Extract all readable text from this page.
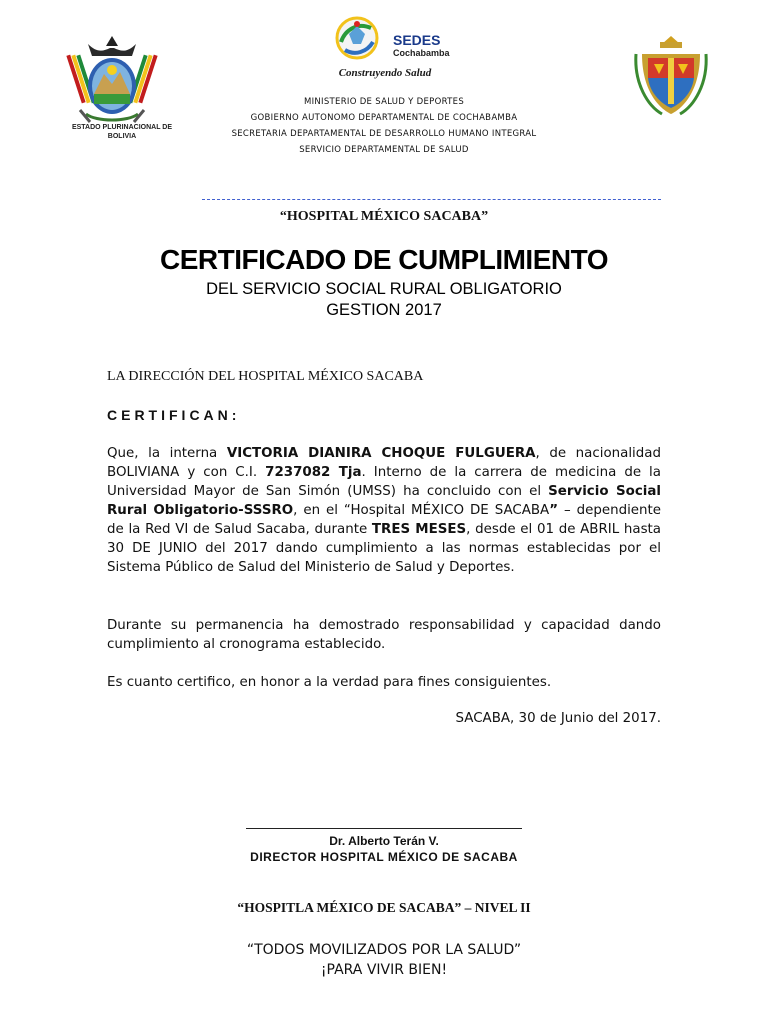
ESTADO PLURINACIONAL DE BOLIVIA
SEDES
Cochabamba
Construyendo Salud
MINISTERIO DE SALUD Y DEPORTES
GOBIERNO AUTONOMO DEPARTAMENTAL DE COCHABAMBA
SECRETARIA DEPARTAMENTAL DE DESARROLLO HUMANO INTEGRAL
SERVICIO DEPARTAMENTAL DE SALUD
“HOSPITAL MÉXICO SACABA”
CERTIFICADO DE CUMPLIMIENTO
DEL SERVICIO SOCIAL RURAL OBLIGATORIO
GESTION 2017
LA DIRECCIÓN DEL HOSPITAL MÉXICO SACABA
CERTIFICAN:
Que, la interna VICTORIA DIANIRA CHOQUE FULGUERA, de nacionalidad BOLIVIANA y con C.I. 7237082 Tja. Interno de la carrera de medicina de la Universidad Mayor de San Simón (UMSS) ha concluido con el Servicio Social Rural Obligatorio-SSSRO, en el “Hospital MÉXICO DE SACABA” – dependiente de la Red VI de Salud Sacaba, durante TRES MESES, desde el 01 de ABRIL hasta 30 DE JUNIO del 2017 dando cumplimiento a las normas establecidas por el Sistema Público de Salud del Ministerio de Salud y Deportes.
Durante su permanencia ha demostrado responsabilidad y capacidad dando cumplimiento al cronograma establecido.
Es cuanto certifico, en honor a la verdad para fines consiguientes.
SACABA, 30 de Junio del 2017.
Dr. Alberto Terán V.
DIRECTOR HOSPITAL MÉXICO DE SACABA
“HOSPITLA MÉXICO DE SACABA” – NIVEL II
“TODOS MOVILIZADOS POR LA SALUD”
¡PARA VIVIR BIEN!
